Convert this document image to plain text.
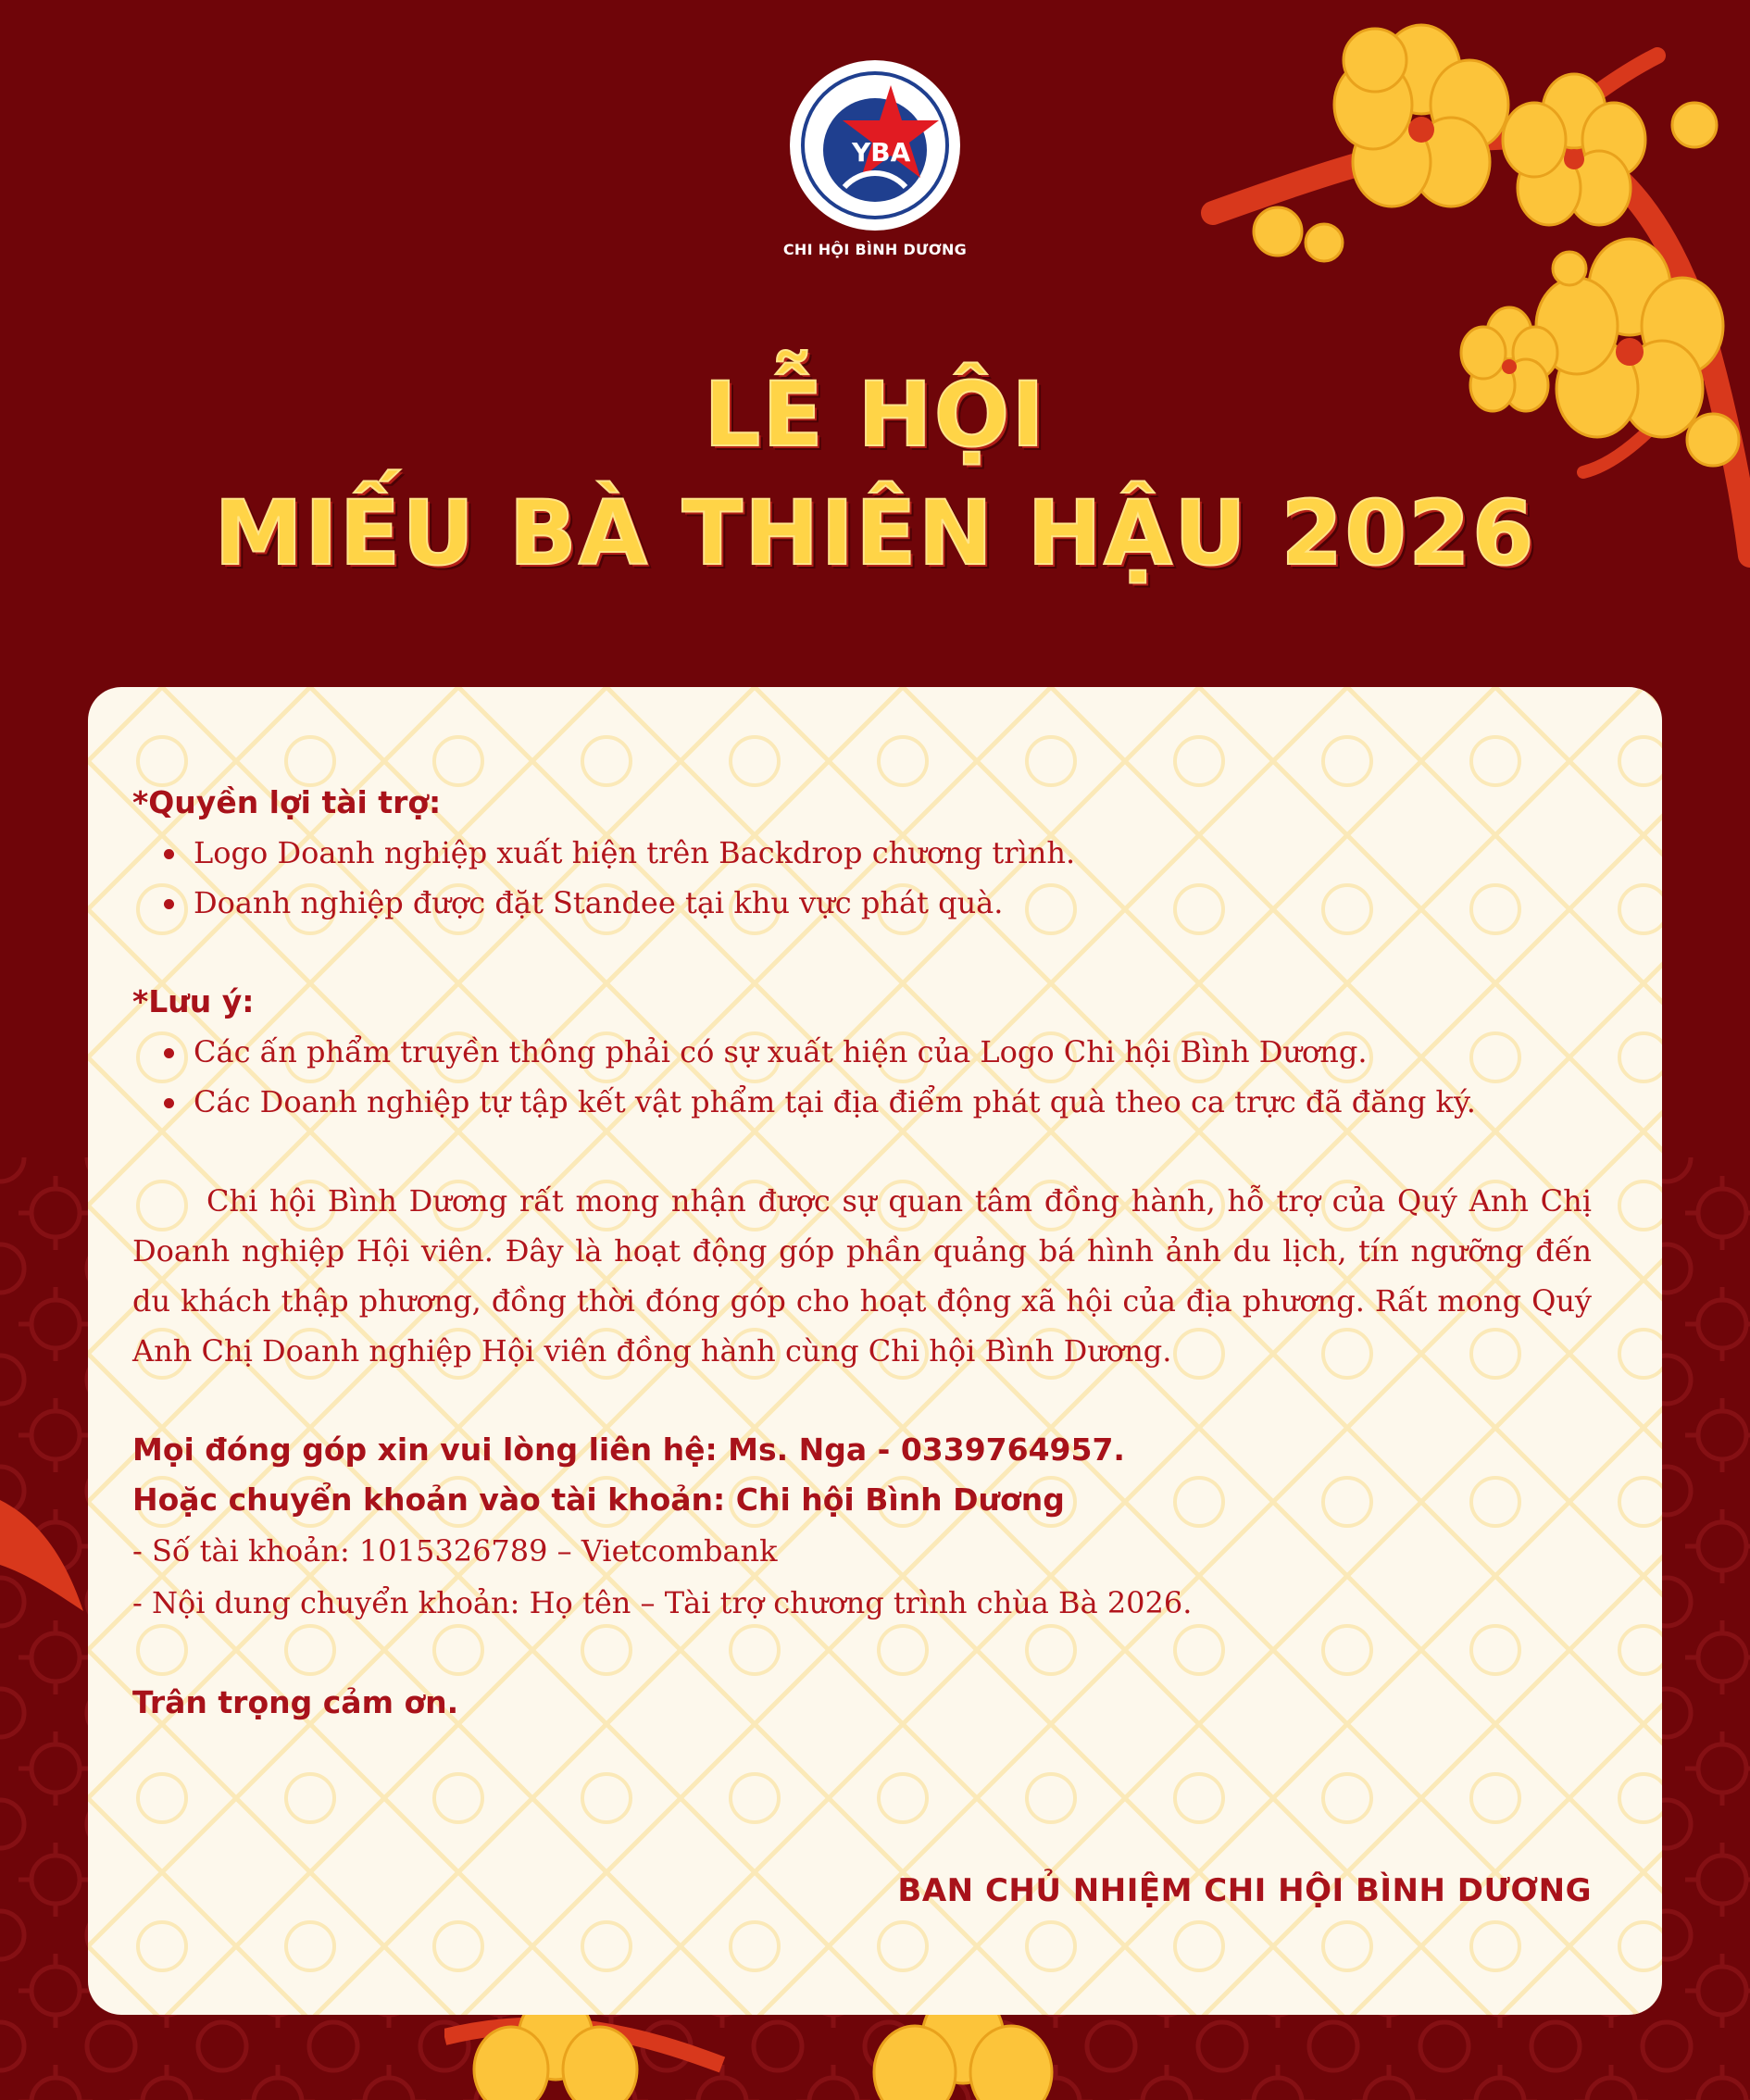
YBA
CHI HỘI BÌNH DƯƠNG
LỄ HỘI
MIẾU BÀ THIÊN HẬU 2026

*Quyền lợi tài trợ:

Logo Doanh nghiệp xuất hiện trên Backdrop chương trình.
Doanh nghiệp được đặt Standee tại khu vực phát quà.

*Lưu ý:

Các ấn phẩm truyền thông phải có sự xuất hiện của Logo Chi hội Bình Dương.
Các Doanh nghiệp tự tập kết vật phẩm tại địa điểm phát quà theo ca trực đã đăng ký.

Chi hội Bình Dương rất mong nhận được sự quan tâm đồng hành, hỗ trợ của Quý Anh Chị Doanh nghiệp Hội viên. Đây là hoạt động góp phần quảng bá hình ảnh du lịch, tín ngưỡng đến du khách thập phương, đồng thời đóng góp cho hoạt động xã hội của địa phương. Rất mong Quý Anh Chị Doanh nghiệp Hội viên đồng hành cùng Chi hội Bình Dương.

Mọi đóng góp xin vui lòng liên hệ: Ms. Nga - 0339764957.

Hoặc chuyển khoản vào tài khoản: Chi hội Bình Dương

- Số tài khoản: 1015326789 – Vietcombank

- Nội dung chuyển khoản: Họ tên – Tài trợ chương trình chùa Bà 2026.

Trân trọng cảm ơn.

BAN CHỦ NHIỆM CHI HỘI BÌNH DƯƠNG
